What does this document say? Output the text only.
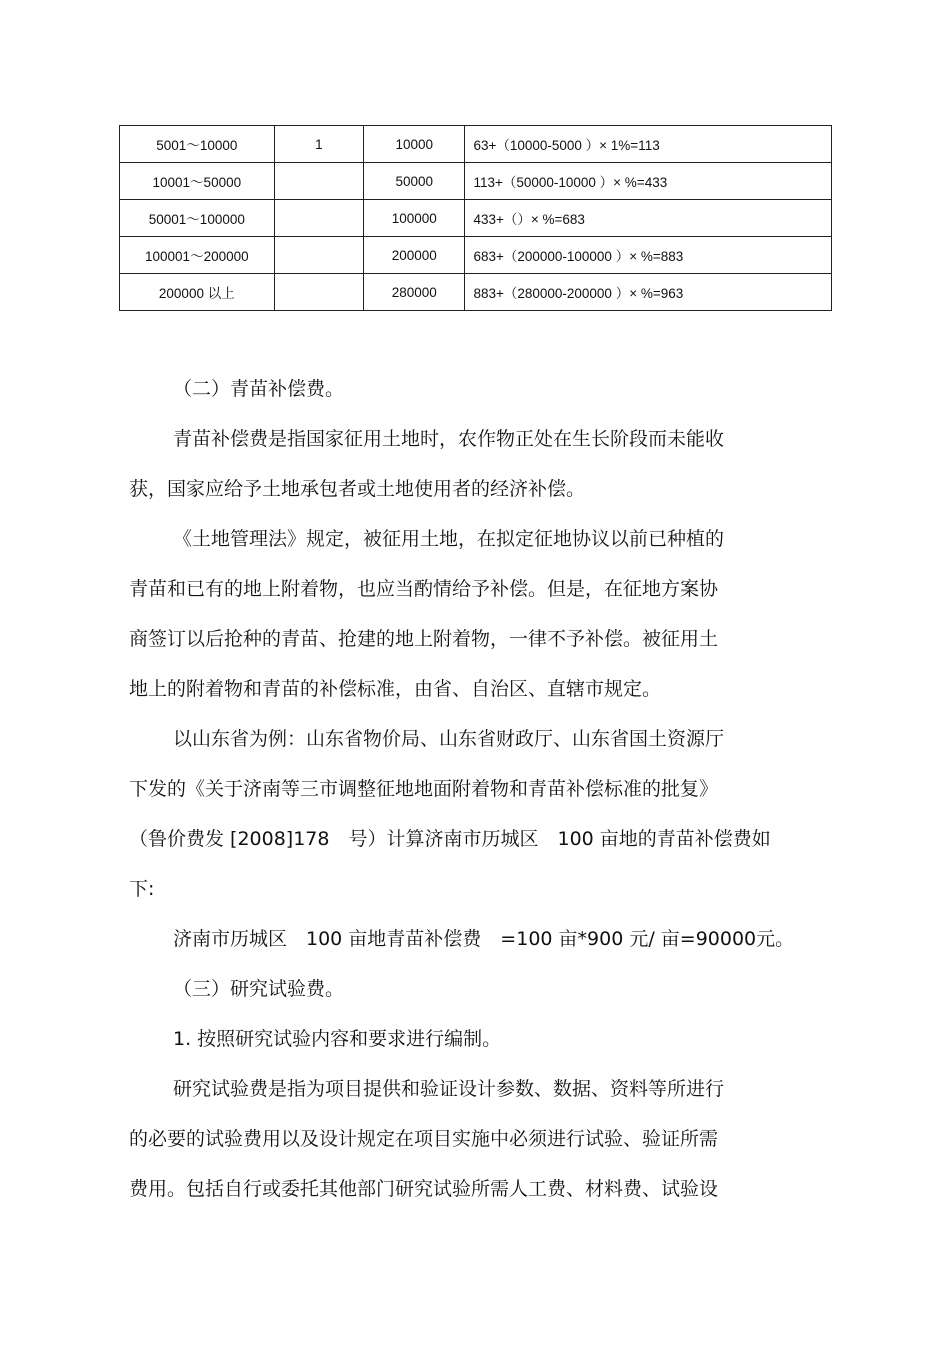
5001～10000	1	10000	63+（10000-5000 ）× 1%=113
10001～50000		50000	113+（50000-10000 ）× %=433
50001～100000		100000	433+（）× %=683
100001～200000		200000	683+（200000-100000 ）× %=883
200000 以上		280000	883+（280000-200000 ）× %=963
（二）青苗补偿费。
青苗补偿费是指国家征用土地时，农作物正处在生长阶段而未能收
获，国家应给予土地承包者或土地使用者的经济补偿。
《土地管理法》规定，被征用土地，在拟定征地协议以前已种植的
青苗和已有的地上附着物，也应当酌情给予补偿。但是，在征地方案协
商签订以后抢种的青苗、抢建的地上附着物，一律不予补偿。被征用土
地上的附着物和青苗的补偿标准，由省、自治区、直辖市规定。
以山东省为例：山东省物价局、山东省财政厅、山东省国土资源厅
下发的《关于济南等三市调整征地地面附着物和青苗补偿标准的批复》
（鲁价费发 [2008]178　号）计算济南市历城区　100 亩地的青苗补偿费如
下:
济南市历城区　100 亩地青苗补偿费　=100 亩*900 元/ 亩=90000元。
（三）研究试验费。
1. 按照研究试验内容和要求进行编制。
研究试验费是指为项目提供和验证设计参数、数据、资料等所进行
的必要的试验费用以及设计规定在项目实施中必须进行试验、验证所需
费用。包括自行或委托其他部门研究试验所需人工费、材料费、试验设
